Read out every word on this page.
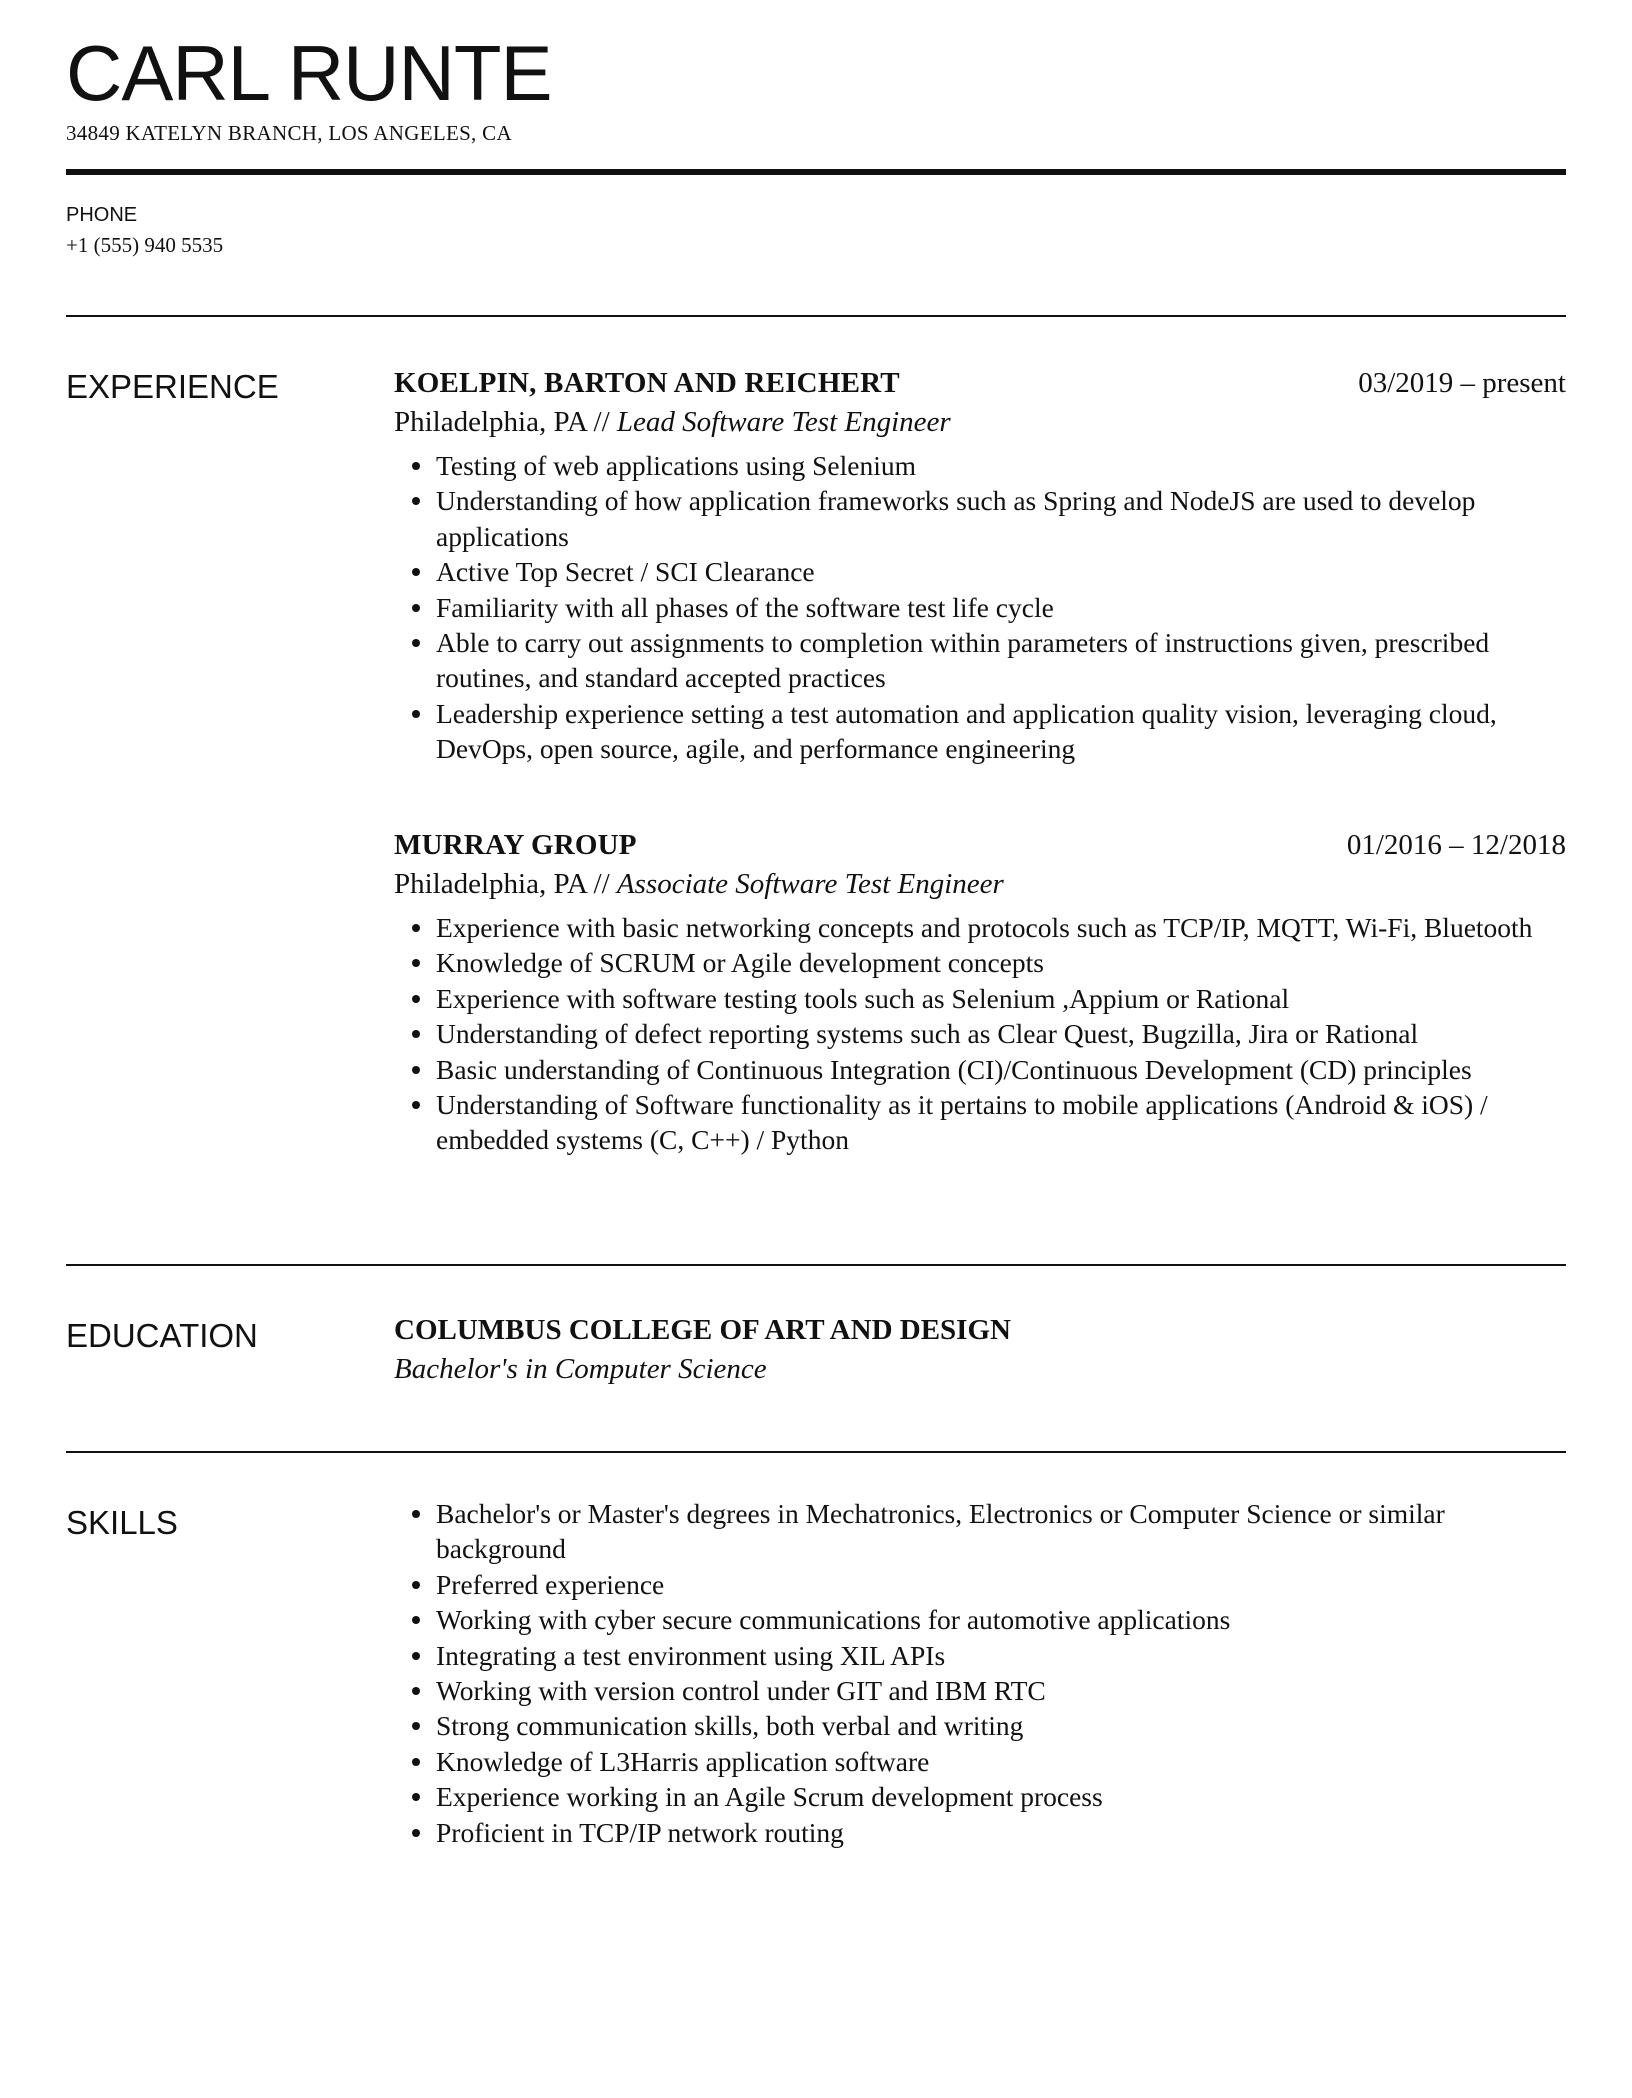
CARL RUNTE
34849 KATELYN BRANCH, LOS ANGELES, CA
PHONE
+1 (555) 940 5535
EXPERIENCE	KOELPIN, BARTON AND REICHERT	03/2019 – present
Philadelphia, PA // Lead Software Test Engineer
Testing of web applications using Selenium
Understanding of how application frameworks such as Spring and NodeJS are used to develop applications
Active Top Secret / SCI Clearance
Familiarity with all phases of the software test life cycle
Able to carry out assignments to completion within parameters of instructions given, prescribed routines, and standard accepted practices
Leadership experience setting a test automation and application quality vision, leveraging cloud, DevOps, open source, agile, and performance engineering
MURRAY GROUP	01/2016 – 12/2018
Philadelphia, PA // Associate Software Test Engineer
Experience with basic networking concepts and protocols such as TCP/IP, MQTT, Wi-Fi, Bluetooth
Knowledge of SCRUM or Agile development concepts
Experience with software testing tools such as Selenium ,Appium or Rational
Understanding of defect reporting systems such as Clear Quest, Bugzilla, Jira or Rational
Basic understanding of Continuous Integration (CI)/Continuous Development (CD) principles
Understanding of Software functionality as it pertains to mobile applications (Android & iOS) / embedded systems (C, C++) / Python
EDUCATION	COLUMBUS COLLEGE OF ART AND DESIGN
Bachelor's in Computer Science
SKILLS	Bachelor's or Master's degrees in Mechatronics, Electronics or Computer Science or similar background
Preferred experience
Working with cyber secure communications for automotive applications
Integrating a test environment using XIL APIs
Working with version control under GIT and IBM RTC
Strong communication skills, both verbal and writing
Knowledge of L3Harris application software
Experience working in an Agile Scrum development process
Proficient in TCP/IP network routing
